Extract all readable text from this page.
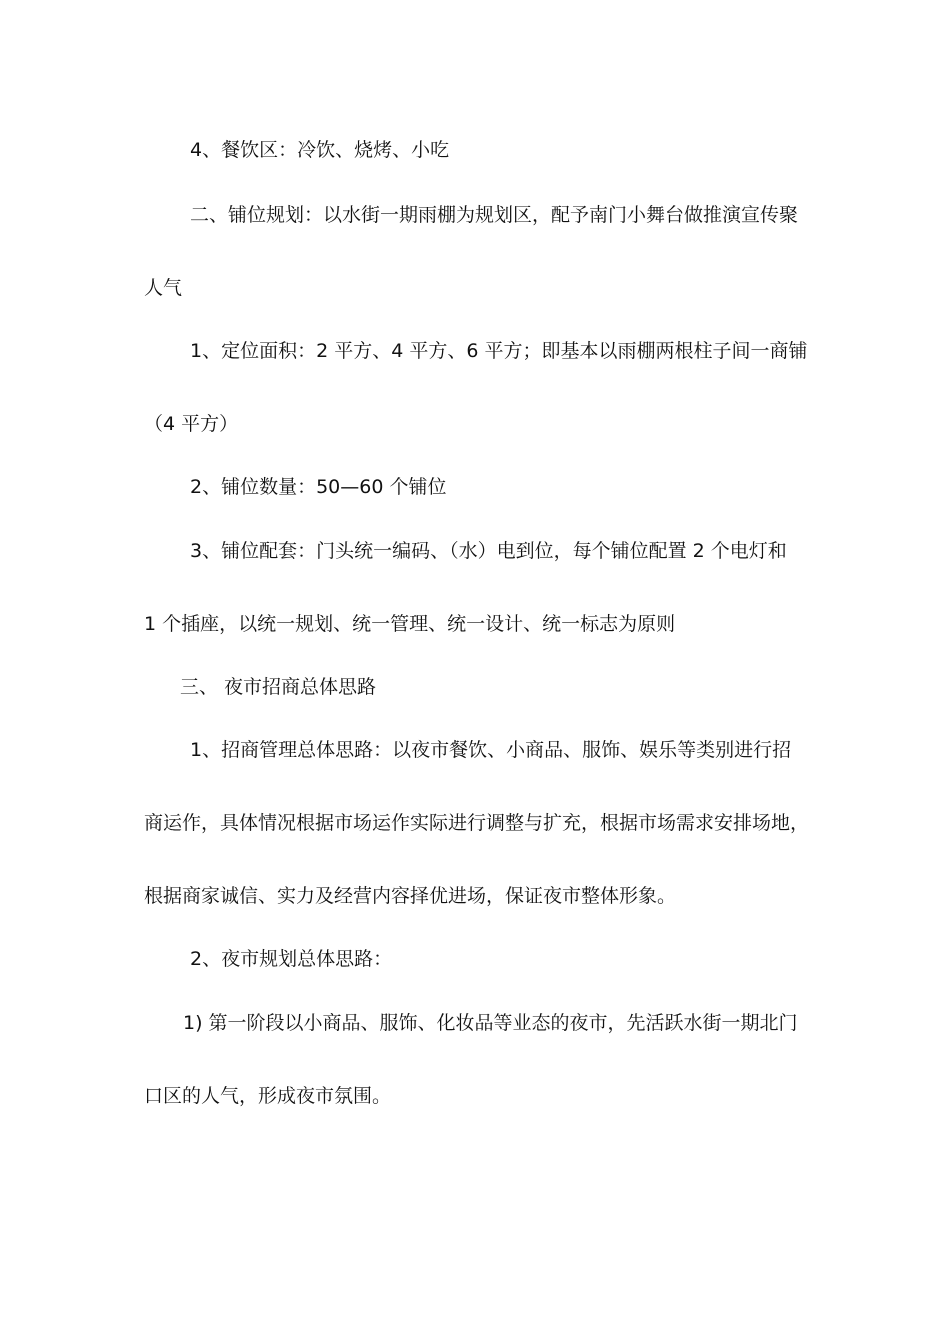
4、餐饮区：冷饮、烧烤、小吃

二、铺位规划：以水街一期雨棚为规划区，配予南门小舞台做推演宣传聚

人气

1、定位面积：2 平方、4 平方、6 平方；即基本以雨棚两根柱子间一商铺

（4 平方）

2、铺位数量：50—60 个铺位

3、铺位配套：门头统一编码、（水）电到位，每个铺位配置 2 个电灯和

1 个插座，以统一规划、统一管理、统一设计、统一标志为原则

三、 夜市招商总体思路

1、招商管理总体思路：以夜市餐饮、小商品、服饰、娱乐等类别进行招

商运作，具体情况根据市场运作实际进行调整与扩充，根据市场需求安排场地，

根据商家诚信、实力及经营内容择优进场，保证夜市整体形象。

2、夜市规划总体思路：

1) 第一阶段以小商品、服饰、化妆品等业态的夜市，先活跃水街一期北门

口区的人气，形成夜市氛围。
